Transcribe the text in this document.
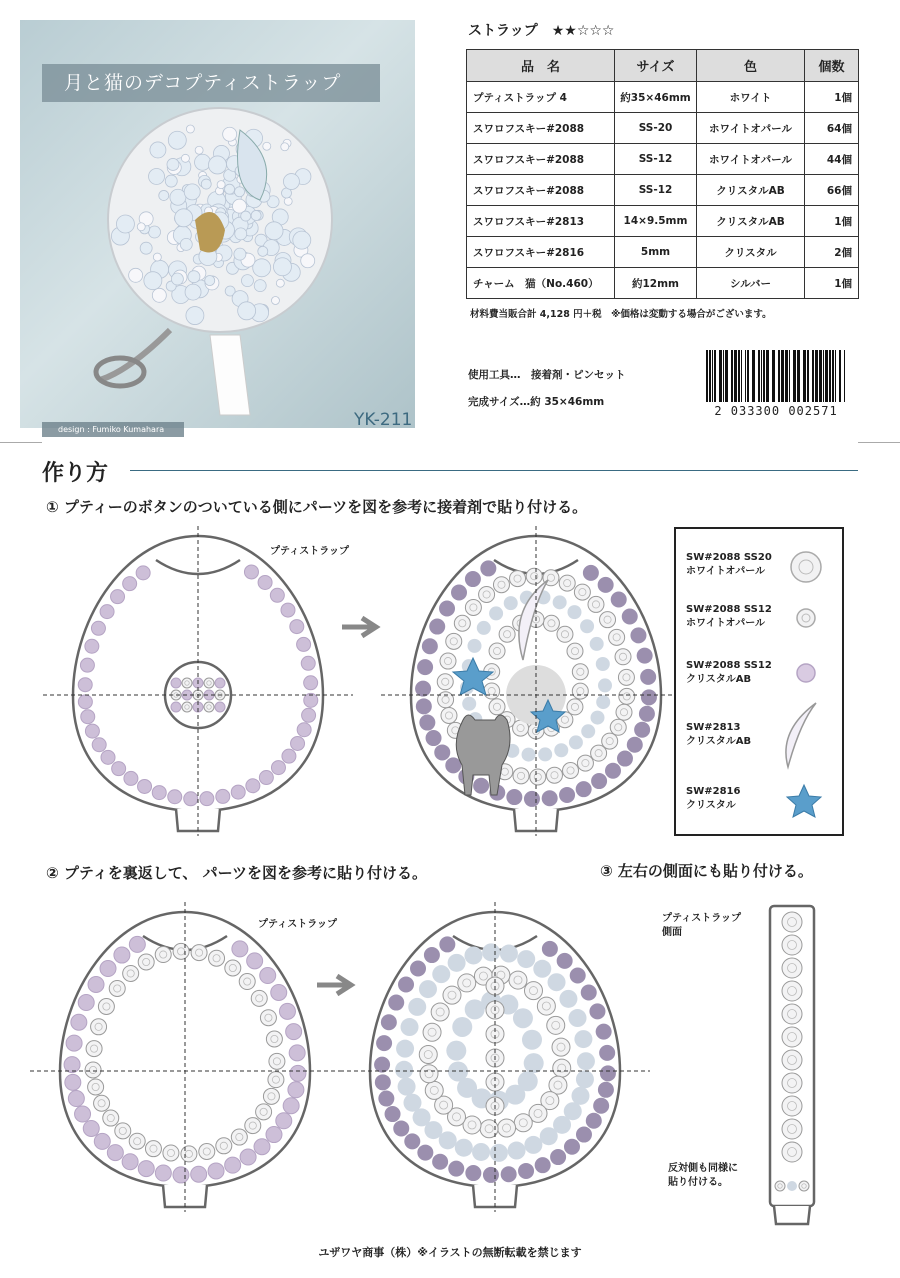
月と猫のデコプティストラップ
design : Fumiko Kumahara	YK-211
ストラップ　★★☆☆☆
品　名	サイズ	色	個数
プティストラップ 4	約35×46mm	ホワイト	1個
スワロフスキー#2088	SS-20	ホワイトオパール	64個
スワロフスキー#2088	SS-12	ホワイトオパール	44個
スワロフスキー#2088	SS-12	クリスタルAB	66個
スワロフスキー#2813	14×9.5mm	クリスタルAB	1個
スワロフスキー#2816	5mm	クリスタル	2個
チャーム　猫（No.460）	約12mm	シルバー	1個
材料費当販合計 4,128 円＋税　※価格は変動する場合がございます。
使用工具…　接着剤・ピンセット
完成サイズ…約 35×46mm
2 033300 002571
作り方
① プティーのボタンのついている側にパーツを図を参考に接着剤で貼り付ける。
② プティを裏返して、 パーツを図を参考に貼り付ける。	③ 左右の側面にも貼り付ける。
プティストラップ
プティストラップ
プティストラップ
側面
反対側も同様に
貼り付ける。
SW#2088 SS20
ホワイトオパール
SW#2088 SS12
ホワイトオパール
SW#2088 SS12
クリスタルAB
SW#2813
クリスタルAB
SW#2816
クリスタル
ユザワヤ商事（株）※イラストの無断転載を禁じます
